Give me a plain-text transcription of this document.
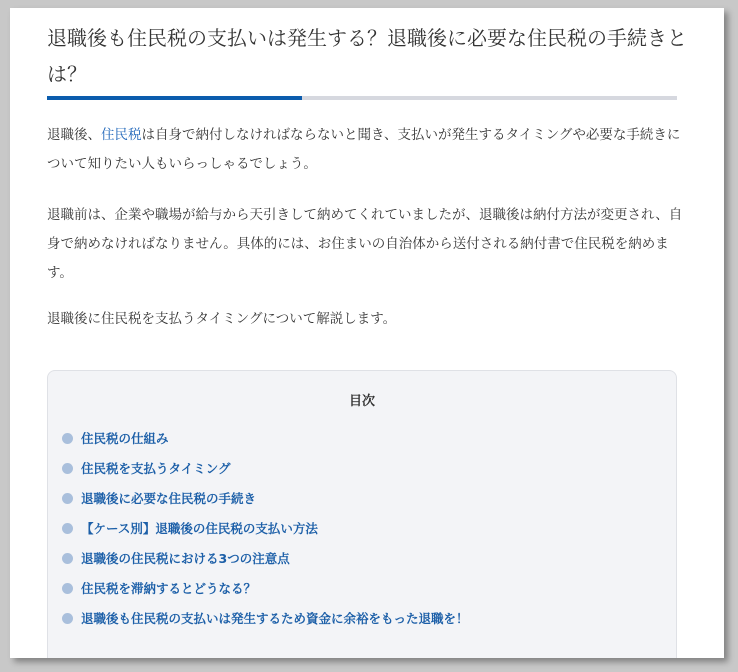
退職後も住民税の支払いは発生する？退職後に必要な住民税の手続きとは？

退職後、住民税は自身で納付しなければならないと聞き、支払いが発生するタイミングや必要な手続きについて知りたい人もいらっしゃるでしょう。

退職前は、企業や職場が給与から天引きして納めてくれていましたが、退職後は納付方法が変更され、自身で納めなければなりません。具体的には、お住まいの自治体から送付される納付書で住民税を納めます。

退職後に住民税を支払うタイミングについて解説します。

目次
住民税の仕組み
住民税を支払うタイミング
退職後に必要な住民税の手続き
【ケース別】退職後の住民税の支払い方法
退職後の住民税における3つの注意点
住民税を滞納するとどうなる？
退職後も住民税の支払いは発生するため資金に余裕をもった退職を！
